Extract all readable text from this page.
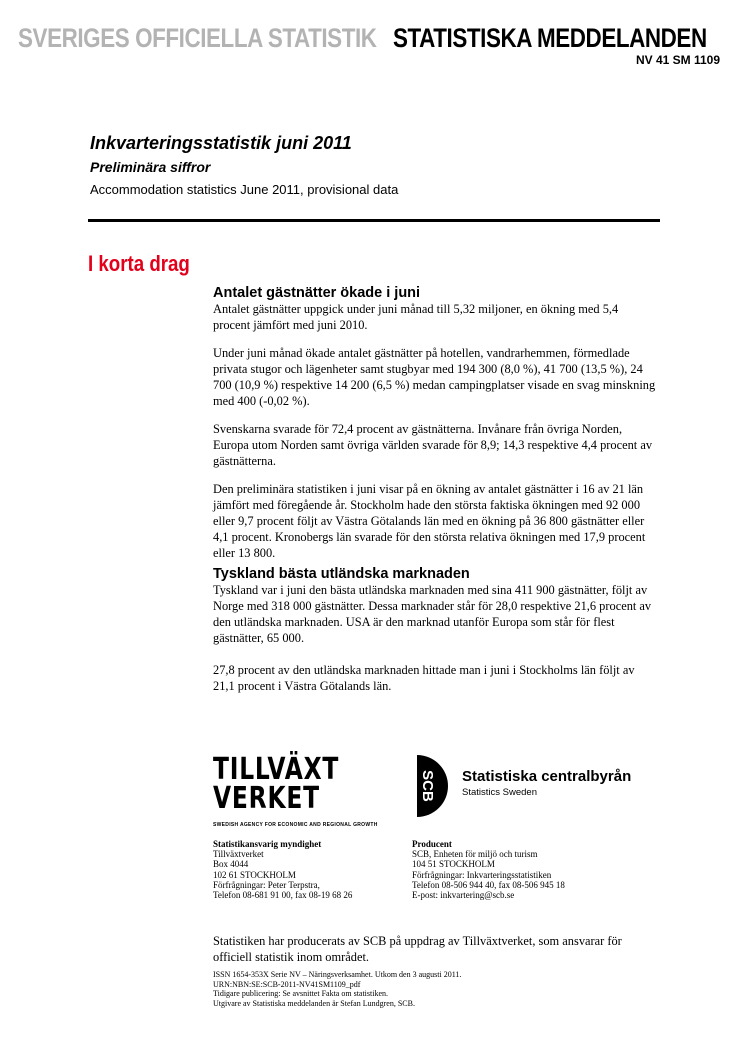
SVERIGES OFFICIELLA STATISTIK STATISTISKA MEDDELANDEN
NV 41 SM 1109
Inkvarteringsstatistik juni 2011
Preliminära siffror
Accommodation statistics June 2011, provisional data
I korta drag
Antalet gästnätter ökade i juni

Antalet gästnätter uppgick under juni månad till 5,32 miljoner, en ökning med 5,4 procent jämfört med juni 2010.

Under juni månad ökade antalet gästnätter på hotellen, vandrarhemmen, förmedlade privata stugor och lägenheter samt stugbyar med 194 300 (8,0 %), 41 700 (13,5 %), 24 700 (10,9 %) respektive 14 200 (6,5 %) medan campingplatser visade en svag minskning med 400 (-0,02 %).

Svenskarna svarade för 72,4 procent av gästnätterna. Invånare från övriga Norden, Europa utom Norden samt övriga världen svarade för 8,9; 14,3 respektive 4,4 procent av gästnätterna.

Den preliminära statistiken i juni visar på en ökning av antalet gästnätter i 16 av 21 län jämfört med föregående år. Stockholm hade den största faktiska ökningen med 92 000 eller 9,7 procent följt av Västra Götalands län med en ökning på 36 800 gästnätter eller 4,1 procent. Kronobergs län svarade för den största relativa ökningen med 17,9 procent eller 13 800.

Tyskland bästa utländska marknaden

Tyskland var i juni den bästa utländska marknaden med sina 411 900 gästnätter, följt av Norge med 318 000 gästnätter. Dessa marknader står för 28,0 respektive 21,6 procent av den utländska marknaden. USA är den marknad utanför Europa som står för flest gästnätter, 65 000.

27,8 procent av den utländska marknaden hittade man i juni i Stockholms län följt av 21,1 procent i Västra Götalands län.

TILLVÄXT
VERKET
SWEDISH AGENCY FOR ECONOMIC AND REGIONAL GROWTH
SCB Statistiska centralbyrån
Statistics Sweden
Statistikansvarig myndighet
Tillväxtverket
Box 4044
102 61 STOCKHOLM
Förfrågningar: Peter Terpstra,
Telefon 08-681 91 00, fax 08-19 68 26
Producent
SCB, Enheten för miljö och turism
104 51 STOCKHOLM
Förfrågningar: Inkvarteringsstatistiken
Telefon 08-506 944 40, fax 08-506 945 18
E-post: inkvartering@scb.se
Statistiken har producerats av SCB på uppdrag av Tillväxtverket, som ansvarar för officiell statistik inom området.
ISSN 1654-353X Serie NV – Näringsverksamhet. Utkom den 3 augusti 2011.
URN:NBN:SE:SCB-2011-NV41SM1109_pdf
Tidigare publicering: Se avsnittet Fakta om statistiken.
Utgivare av Statistiska meddelanden är Stefan Lundgren, SCB.
